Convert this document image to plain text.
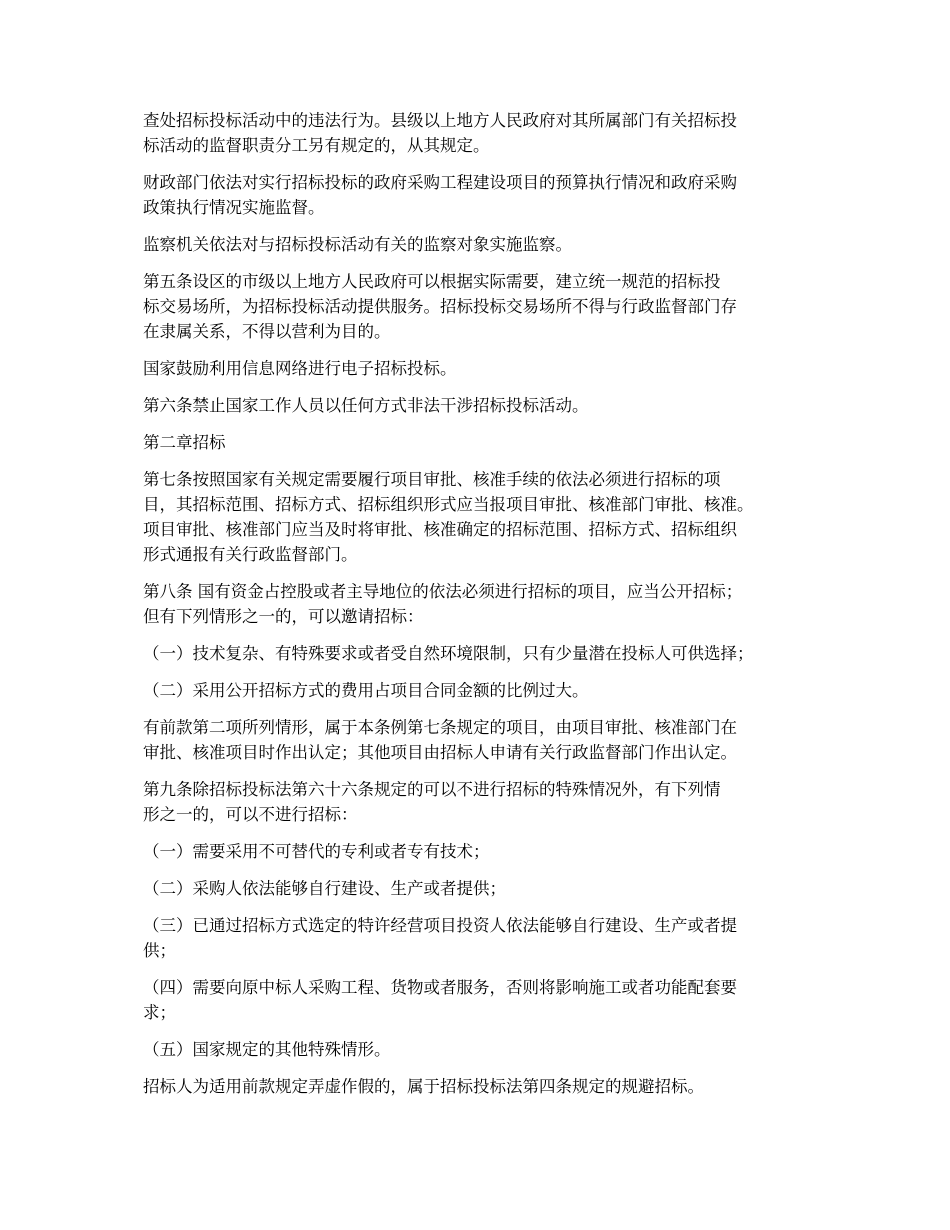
查处招标投标活动中的违法行为。县级以上地方人民政府对其所属部门有关招标投
标活动的监督职责分工另有规定的，从其规定。

财政部门依法对实行招标投标的政府采购工程建设项目的预算执行情况和政府采购
政策执行情况实施监督。

监察机关依法对与招标投标活动有关的监察对象实施监察。

第五条设区的市级以上地方人民政府可以根据实际需要，建立统一规范的招标投
标交易场所，为招标投标活动提供服务。招标投标交易场所不得与行政监督部门存
在隶属关系，不得以营利为目的。

国家鼓励利用信息网络进行电子招标投标。

第六条禁止国家工作人员以任何方式非法干涉招标投标活动。

第二章招标

第七条按照国家有关规定需要履行项目审批、核准手续的依法必须进行招标的项
目，其招标范围、招标方式、招标组织形式应当报项目审批、核准部门审批、核准。
项目审批、核准部门应当及时将审批、核准确定的招标范围、招标方式、招标组织
形式通报有关行政监督部门。

第八条 国有资金占控股或者主导地位的依法必须进行招标的项目，应当公开招标；
但有下列情形之一的，可以邀请招标：

（一）技术复杂、有特殊要求或者受自然环境限制，只有少量潜在投标人可供选择；

（二）采用公开招标方式的费用占项目合同金额的比例过大。

有前款第二项所列情形，属于本条例第七条规定的项目，由项目审批、核准部门在
审批、核准项目时作出认定；其他项目由招标人申请有关行政监督部门作出认定。

第九条除招标投标法第六十六条规定的可以不进行招标的特殊情况外，有下列情
形之一的，可以不进行招标：

（一）需要采用不可替代的专利或者专有技术；

（二）采购人依法能够自行建设、生产或者提供；

（三）已通过招标方式选定的特许经营项目投资人依法能够自行建设、生产或者提
供；

（四）需要向原中标人采购工程、货物或者服务，否则将影响施工或者功能配套要
求；

（五）国家规定的其他特殊情形。

招标人为适用前款规定弄虚作假的，属于招标投标法第四条规定的规避招标。
